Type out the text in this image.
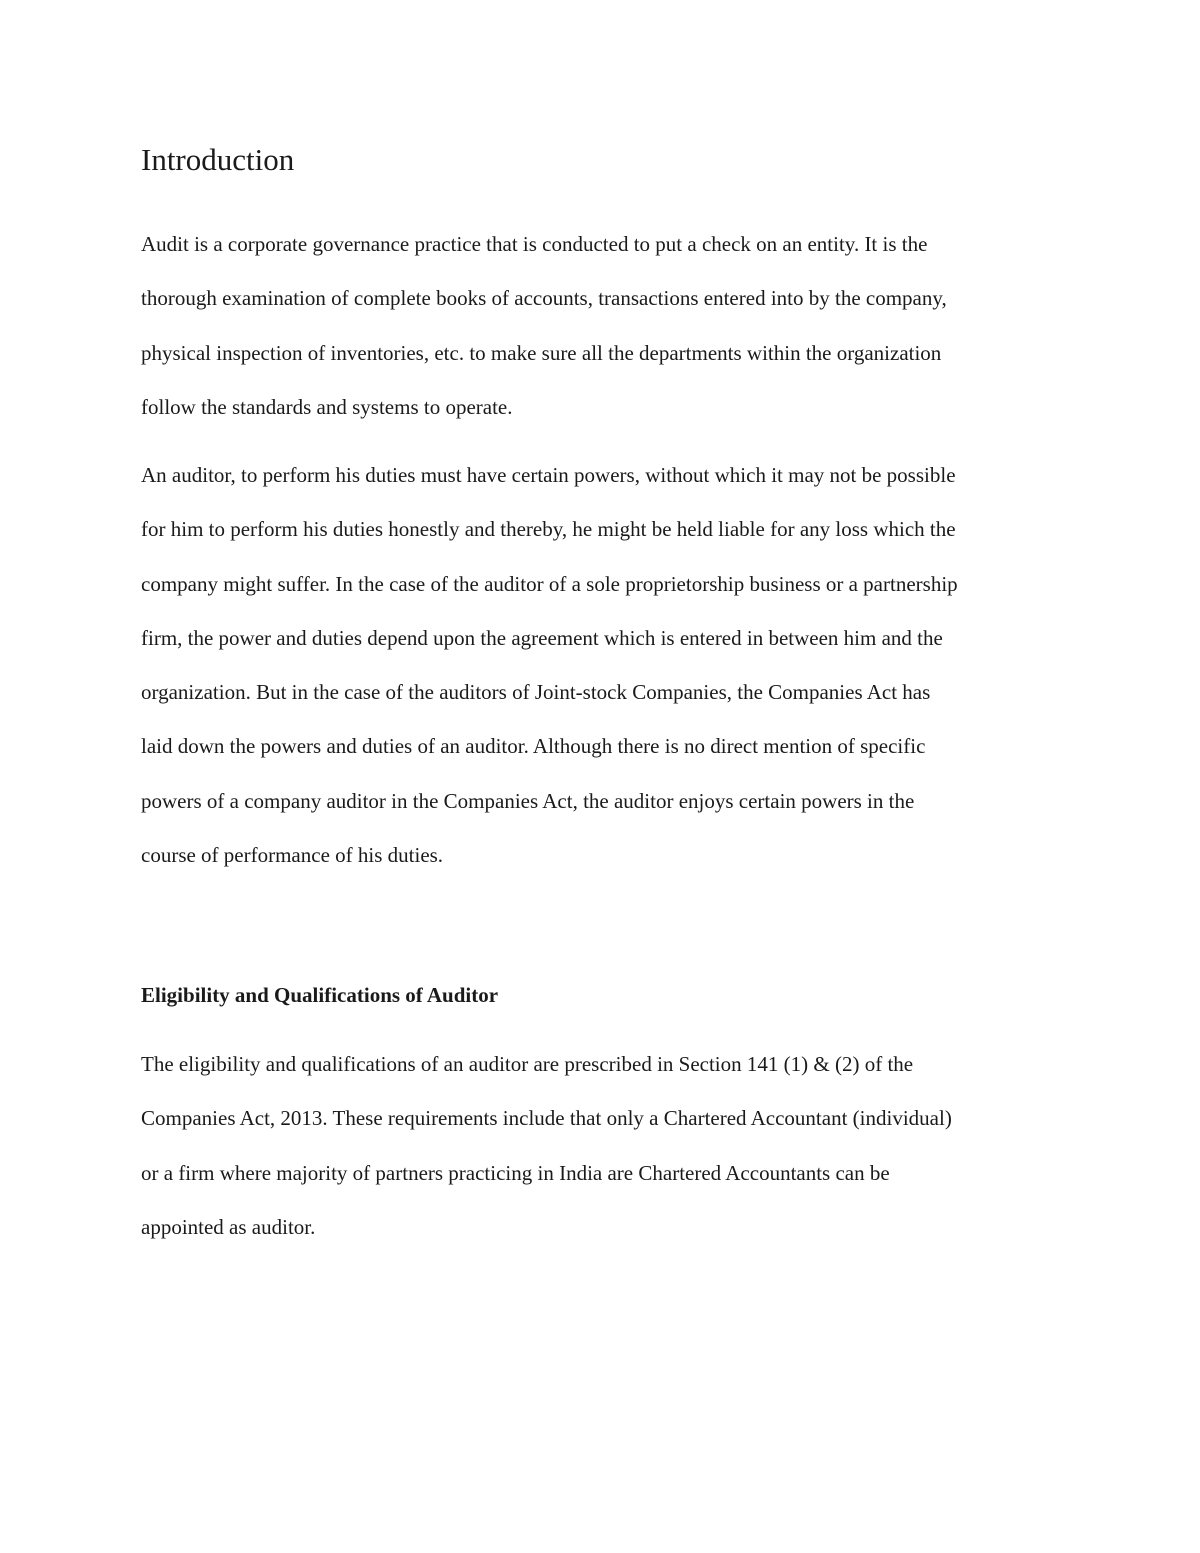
Introduction

Audit is a corporate governance practice that is conducted to put a check on an entity. It is the
thorough examination of complete books of accounts, transactions entered into by the company,
physical inspection of inventories, etc. to make sure all the departments within the organization
follow the standards and systems to operate.

An auditor, to perform his duties must have certain powers, without which it may not be possible
for him to perform his duties honestly and thereby, he might be held liable for any loss which the
company might suffer. In the case of the auditor of a sole proprietorship business or a partnership
firm, the power and duties depend upon the agreement which is entered in between him and the
organization. But in the case of the auditors of Joint-stock Companies, the Companies Act has
laid down the powers and duties of an auditor. Although there is no direct mention of specific
powers of a company auditor in the Companies Act, the auditor enjoys certain powers in the
course of performance of his duties.

Eligibility and Qualifications of Auditor

The eligibility and qualifications of an auditor are prescribed in Section 141 (1) & (2) of the
Companies Act, 2013. These requirements include that only a Chartered Accountant (individual)
or a firm where majority of partners practicing in India are Chartered Accountants can be
appointed as auditor.
